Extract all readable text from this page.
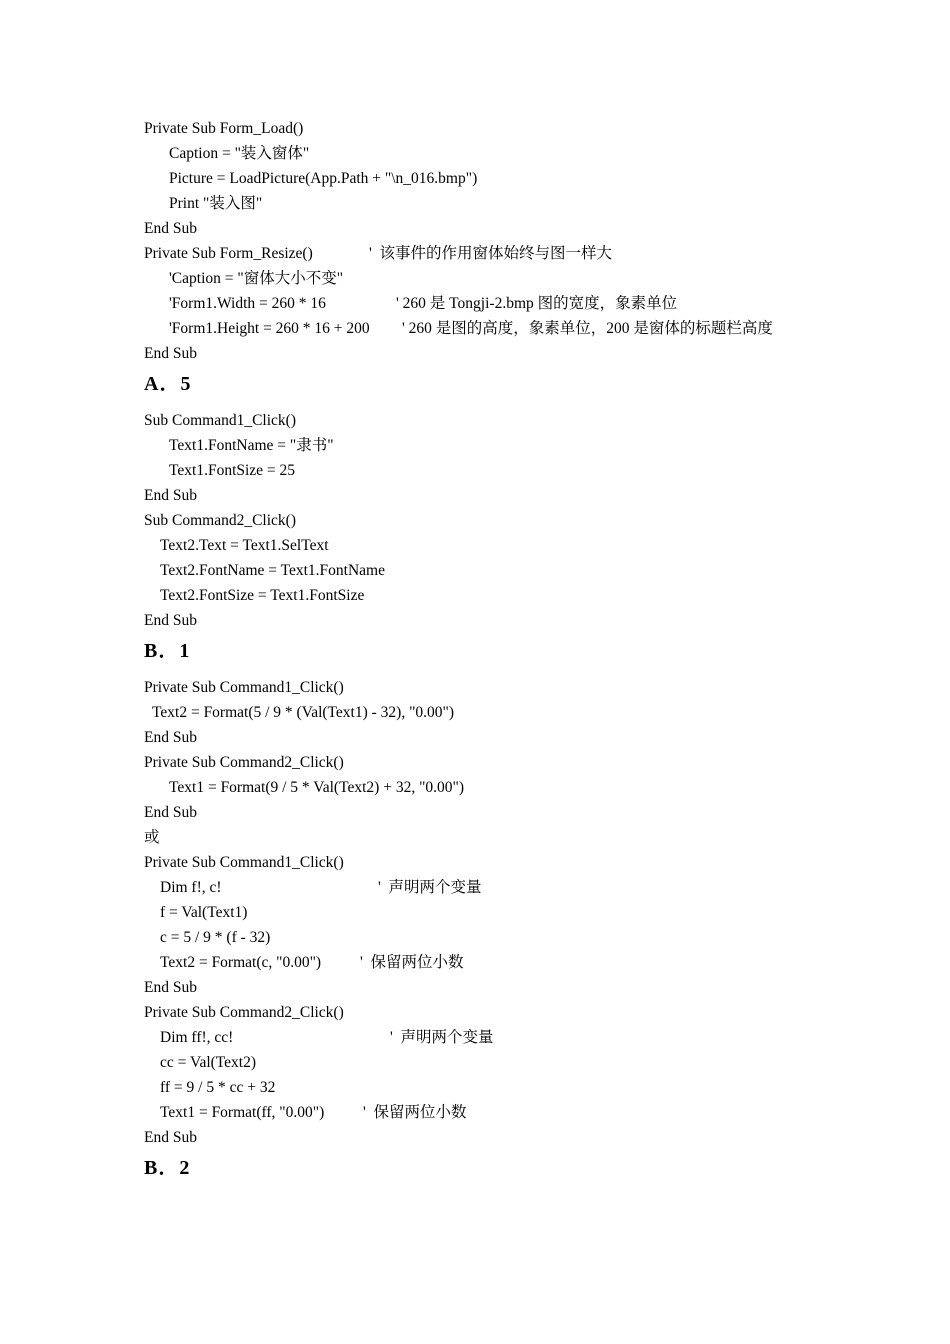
Private Sub Form_Load()
Caption = "装入窗体"
Picture = LoadPicture(App.Path + "\n_016.bmp")
Print "装入图"
End Sub
Private Sub Form_Resize()	'  该事件的作用窗体始终与图一样大
'Caption = "窗体大小不变"
'Form1.Width = 260 * 16	' 260 是 Tongji-2.bmp 图的宽度，象素单位
'Form1.Height = 260 * 16 + 200 ' 260 是图的高度，象素单位，200 是窗体的标题栏高度
End Sub
A．5
Sub Command1_Click()
Text1.FontName = "隶书"
Text1.FontSize = 25
End Sub
Sub Command2_Click()
Text2.Text = Text1.SelText
Text2.FontName = Text1.FontName
Text2.FontSize = Text1.FontSize
End Sub
B．1
Private Sub Command1_Click()
Text2 = Format(5 / 9 * (Val(Text1) - 32), "0.00")
End Sub
Private Sub Command2_Click()
Text1 = Format(9 / 5 * Val(Text2) + 32, "0.00")
End Sub
或
Private Sub Command1_Click()
Dim f!, c!	'  声明两个变量
f = Val(Text1)
c = 5 / 9 * (f - 32)
Text2 = Format(c, "0.00")	'  保留两位小数
End Sub
Private Sub Command2_Click()
Dim ff!, cc!	'  声明两个变量
cc = Val(Text2)
ff = 9 / 5 * cc + 32
Text1 = Format(ff, "0.00")	'  保留两位小数
End Sub
B．2
